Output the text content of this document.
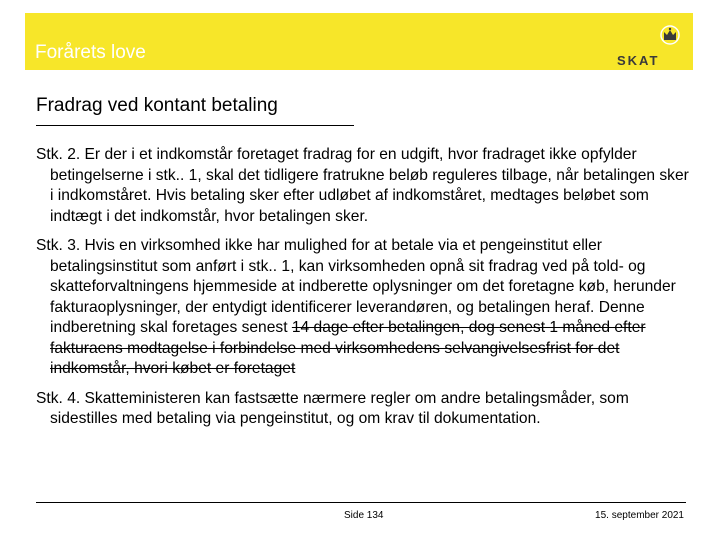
Forårets love	SKAT
Fradrag ved kontant betaling

Stk. 2. Er der i et indkomstår foretaget fradrag for en udgift, hvor fradraget ikke opfylder betingelserne i stk.. 1, skal det tidligere fratrukne beløb reguleres tilbage, når betalingen sker i indkomståret. Hvis betaling sker efter udløbet af indkomståret, medtages beløbet som indtægt i det indkomstår, hvor betalingen sker.

Stk. 3. Hvis en virksomhed ikke har mulighed for at betale via et pengeinstitut eller betalingsinstitut som anført i stk.. 1, kan virksomheden opnå sit fradrag ved på told- og skatteforvaltningens hjemmeside at indberette oplysninger om det foretagne køb, herunder fakturaoplysninger, der entydigt identificerer leverandøren, og betalingen heraf. Denne indberetning skal foretages senest 14 dage efter betalingen, dog senest 1 måned efter fakturaens modtagelse i forbindelse med virksomhedens selvangivelsesfrist for det indkomstår, hvori købet er foretaget

Stk. 4. Skatteministeren kan fastsætte nærmere regler om andre betalingsmåder, som sidestilles med betaling via pengeinstitut, og om krav til dokumentation.

Side 134	15. september 2021
